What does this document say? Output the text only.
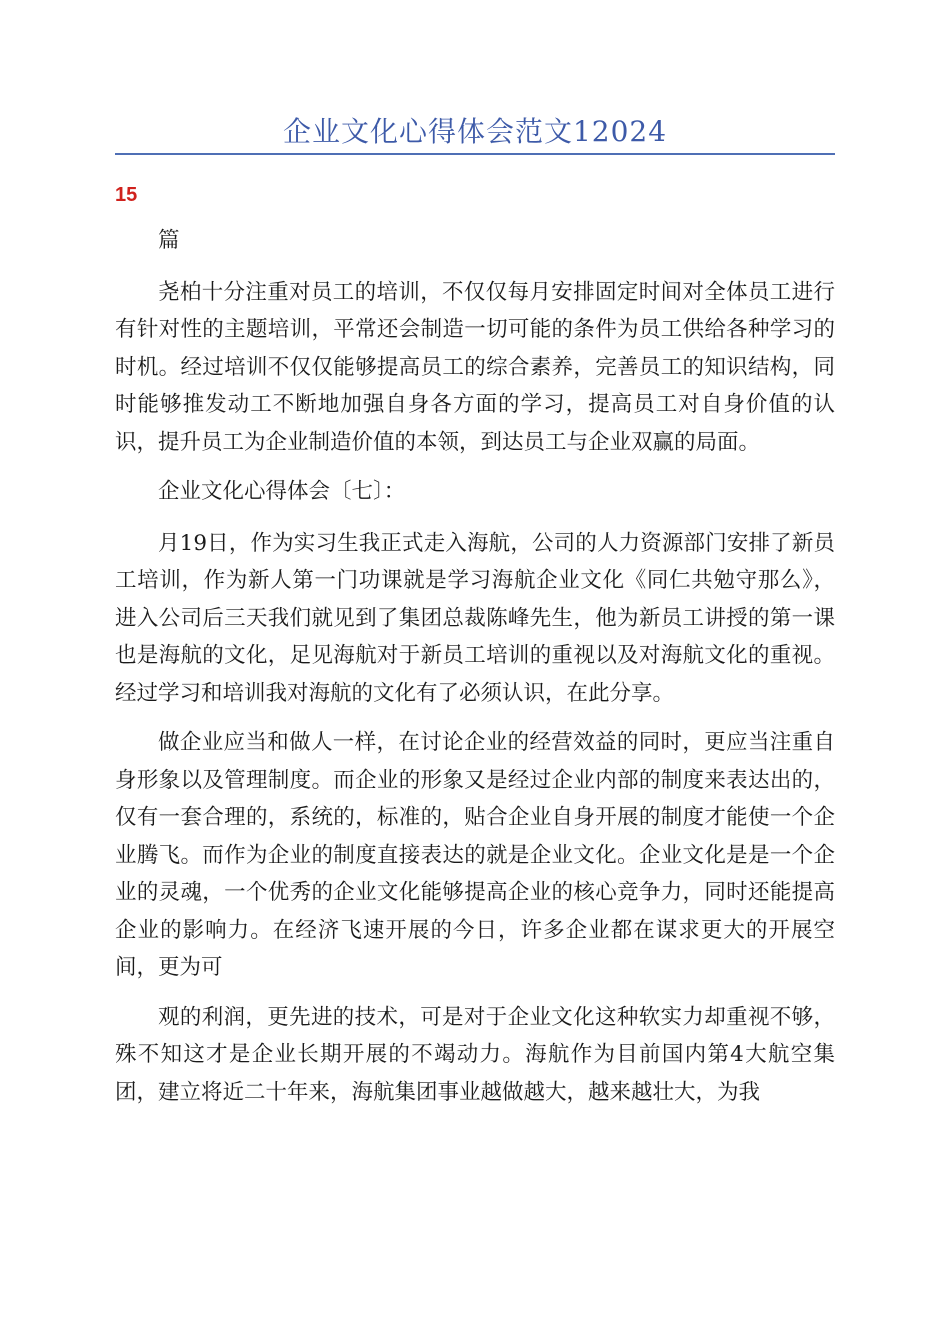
企业文化心得体会范文12024
15

篇

尧柏十分注重对员工的培训，不仅仅每月安排固定时间对全体员工进行有针对性的主题培训，平常还会制造一切可能的条件为员工供给各种学习的时机。经过培训不仅仅能够提高员工的综合素养，完善员工的知识结构，同时能够推发动工不断地加强自身各方面的学习，提高员工对自身价值的认识，提升员工为企业制造价值的本领，到达员工与企业双赢的局面。

企业文化心得体会〔七〕：

月19日，作为实习生我正式走入海航，公司的人力资源部门安排了新员工培训，作为新人第一门功课就是学习海航企业文化《同仁共勉守那么》，进入公司后三天我们就见到了集团总裁陈峰先生，他为新员工讲授的第一课也是海航的文化，足见海航对于新员工培训的重视以及对海航文化的重视。经过学习和培训我对海航的文化有了必须认识，在此分享。

做企业应当和做人一样，在讨论企业的经营效益的同时，更应当注重自身形象以及管理制度。而企业的形象又是经过企业内部的制度来表达出的，仅有一套合理的，系统的，标准的，贴合企业自身开展的制度才能使一个企业腾飞。而作为企业的制度直接表达的就是企业文化。企业文化是是一个企业的灵魂，一个优秀的企业文化能够提高企业的核心竞争力，同时还能提高企业的影响力。在经济飞速开展的今日，许多企业都在谋求更大的开展空间，更为可

观的利润，更先进的技术，可是对于企业文化这种软实力却重视不够，殊不知这才是企业长期开展的不竭动力。海航作为目前国内第4大航空集团，建立将近二十年来，海航集团事业越做越大，越来越壮大，为我
